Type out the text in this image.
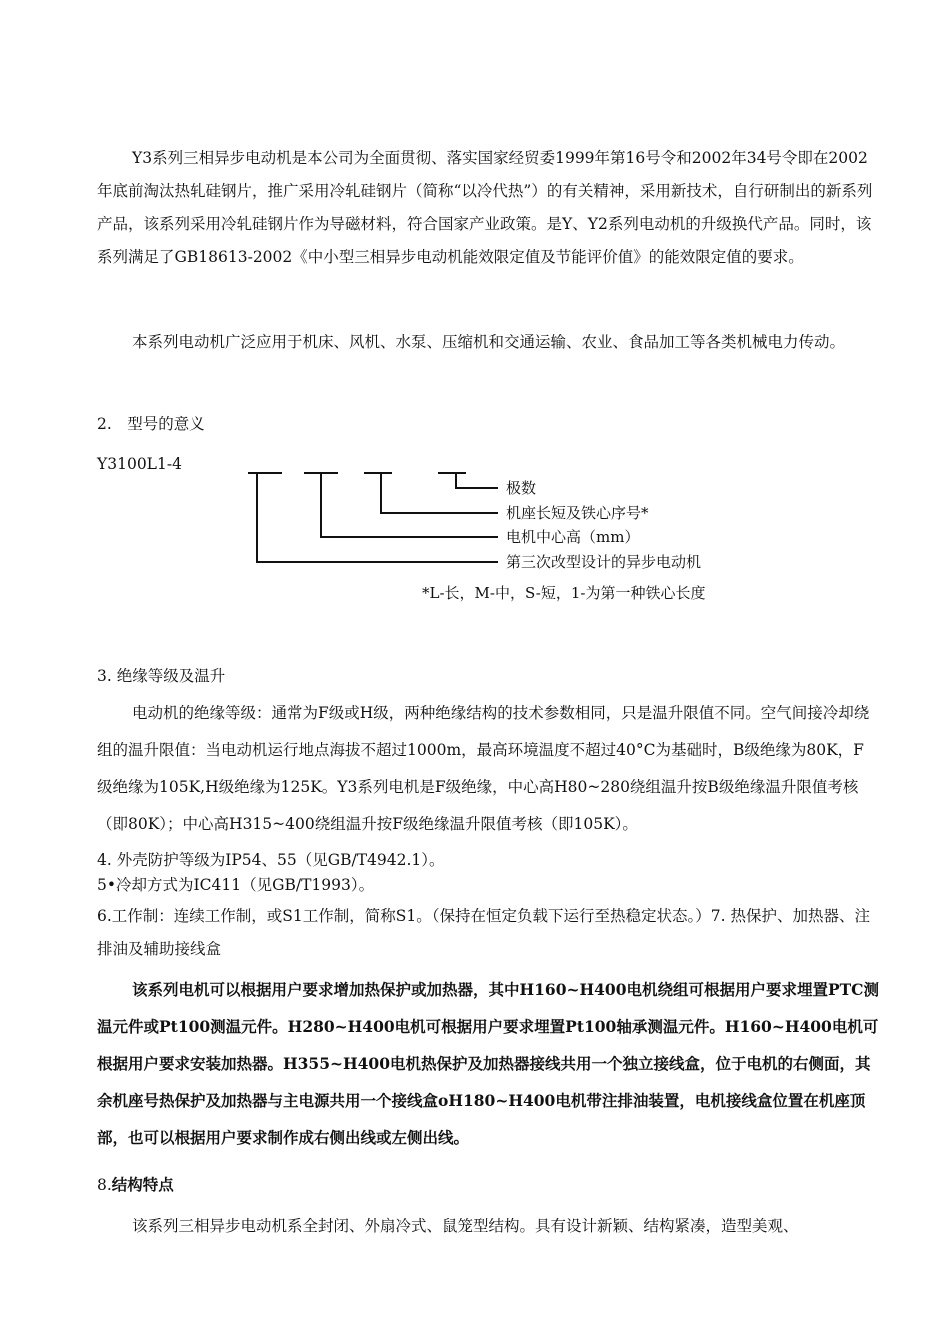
Y3系列三相异步电动机是本公司为全面贯彻、落实国家经贸委1999年第16号令和2002年34号令即在2002年底前淘汰热轧硅钢片，推广采用冷轧硅钢片（简称“以冷代热”）的有关精神，采用新技术，自行研制出的新系列产品，该系列采用冷轧硅钢片作为导磁材料，符合国家产业政策。是Y、Y2系列电动机的升级换代产品。同时，该系列满足了GB18613-2002《中小型三相异步电动机能效限定值及节能评价值》的能效限定值的要求。

本系列电动机广泛应用于机床、风机、水泵、压缩机和交通运输、农业、食品加工等各类机械电力传动。

2.　型号的意义

Y3100L1-4

极数
机座长短及铁心序号*
电机中心高（mm）
第三次改型设计的异步电动机
*L-长，M-中，S-短，1-为第一种铁心长度

3. 绝缘等级及温升

电动机的绝缘等级：通常为F级或H级，两种绝缘结构的技术参数相同，只是温升限值不同。空气间接冷却绕组的温升限值：当电动机运行地点海拔不超过1000m，最高环境温度不超过40°C为基础时，B级绝缘为80K，F级绝缘为105K,H级绝缘为125K。Y3系列电机是F级绝缘，中心高H80~280绕组温升按B级绝缘温升限值考核（即80K）；中心高H315~400绕组温升按F级绝缘温升限值考核（即105K）。

4. 外壳防护等级为IP54、55（见GB/T4942.1）。

5•冷却方式为IC411（见GB/T1993）。

6.工作制：连续工作制，或S1工作制，简称S1。（保持在恒定负载下运行至热稳定状态。）7. 热保护、加热器、注排油及辅助接线盒

该系列电机可以根据用户要求增加热保护或加热器，其中H160~H400电机绕组可根据用户要求埋置PTC测温元件或Pt100测温元件。H280~H400电机可根据用户要求埋置Pt100轴承测温元件。H160~H400电机可根据用户要求安装加热器。H355~H400电机热保护及加热器接线共用一个独立接线盒，位于电机的右侧面，其余机座号热保护及加热器与主电源共用一个接线盒oH180~H400电机带注排油装置，电机接线盒位置在机座顶部，也可以根据用户要求制作成右侧出线或左侧出线。

8.结构特点

该系列三相异步电动机系全封闭、外扇冷式、鼠笼型结构。具有设计新颖、结构紧凑，造型美观、
